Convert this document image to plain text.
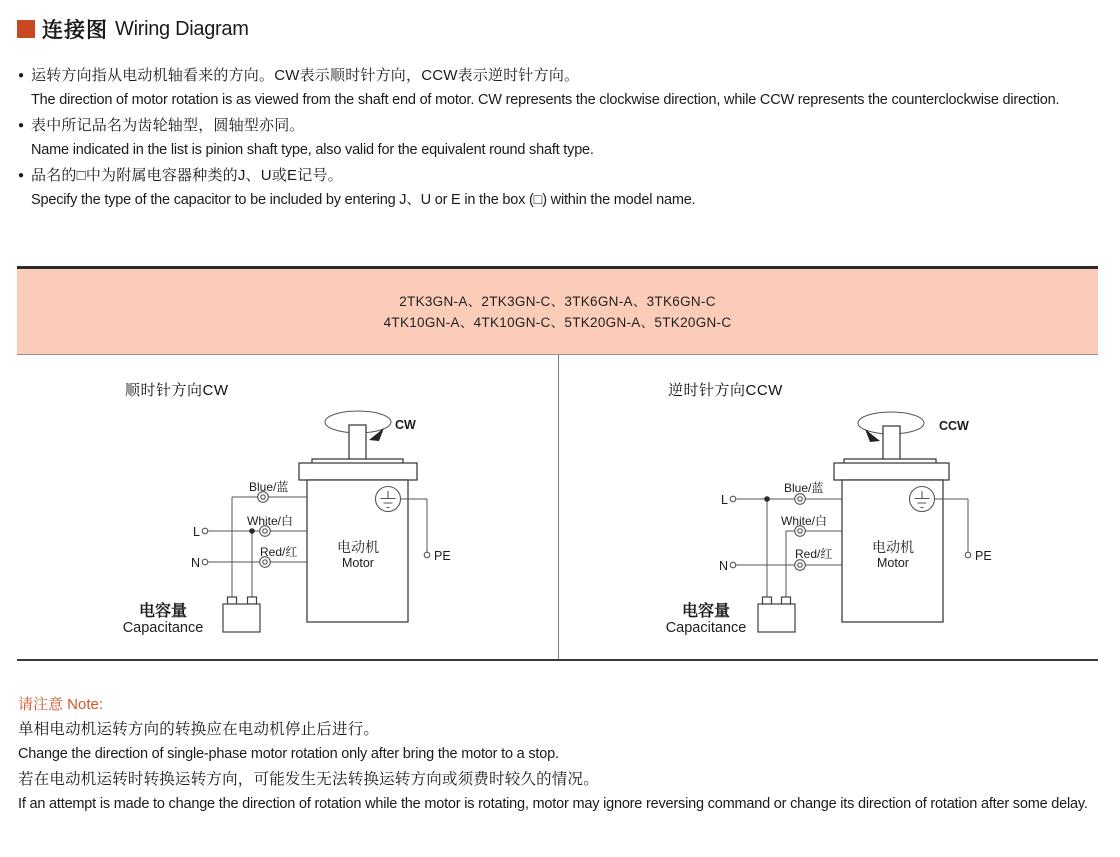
连接图 Wiring Diagram
● 运转方向指从电动机轴看来的方向。CW表示顺时针方向，CCW表示逆时针方向。
The direction of motor rotation is as viewed from the shaft end of motor. CW represents the clockwise direction, while CCW represents the counterclockwise direction.
● 表中所记品名为齿轮轴型，圆轴型亦同。
Name indicated in the list is pinion shaft type, also valid for the equivalent round shaft type.
● 品名的□中为附属电容器种类的J、U或E记号。
Specify the type of the capacitor to be included by entering J、U or E in the box (□) within the model name.
2TK3GN-A、2TK3GN-C、3TK6GN-A、3TK6GN-C
4TK10GN-A、4TK10GN-C、5TK20GN-A、5TK20GN-C
顺时针方向CW
CW
电动机
Motor
L
N
Blue/蓝
White/白
Red/红	PE
电容量
Capacitance
逆时针方向CCW
CCW
电动机
Motor
L
N
Blue/蓝
White/白
Red/红	PE
电容量
Capacitance
请注意 Note:
单相电动机运转方向的转换应在电动机停止后进行。
Change the direction of single-phase motor rotation only after bring the motor to a stop.
若在电动机运转时转换运转方向，可能发生无法转换运转方向或须费时较久的情况。
If an attempt is made to change the direction of rotation while the motor is rotating, motor may ignore reversing command or change its direction of rotation after some delay.
